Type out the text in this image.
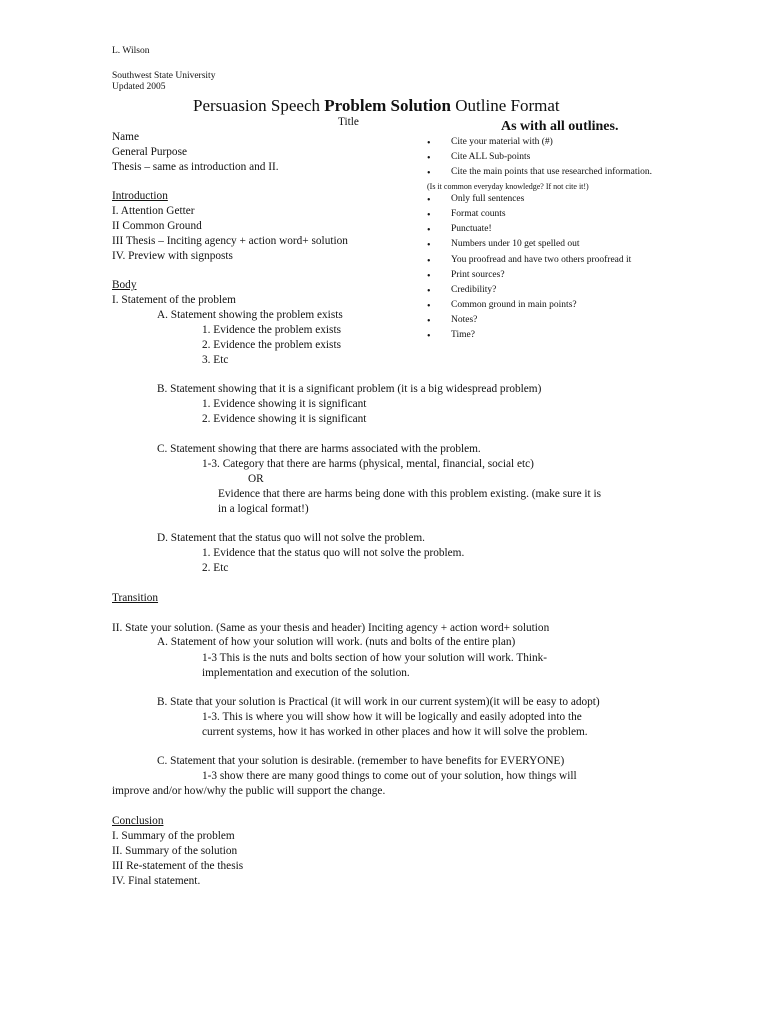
L. Wilson
Southwest State University
Updated 2005
Persuasion Speech Problem Solution Outline Format
Title
Name
General Purpose
Thesis – same as introduction and II.
As with all outlines.
• Cite your material with (#)
• Cite ALL Sub-points
• Cite the main points that use researched information.
(Is it common everyday knowledge? If not cite it!)
• Only full sentences
• Format counts
• Punctuate!
• Numbers under 10 get spelled out
• You proofread and have two others proofread it
• Print sources?
• Credibility?
• Common ground in main points?
• Notes?
• Time?
Introduction
I. Attention Getter
II Common Ground
III Thesis – Inciting agency + action word+ solution
IV. Preview with signposts
Body
I. Statement of the problem
A. Statement showing the problem exists
1. Evidence the problem exists
2. Evidence the problem exists
3. Etc
B. Statement showing that it is a significant problem (it is a big widespread problem)
1. Evidence showing it is significant
2. Evidence showing it is significant
C. Statement showing that there are harms associated with the problem.
1-3. Category that there are harms (physical, mental, financial, social etc)
OR
Evidence that there are harms being done with this problem existing. (make sure it is
in a logical format!)
D. Statement that the status quo will not solve the problem.
1. Evidence that the status quo will not solve the problem.
2. Etc
Transition
II. State your solution. (Same as your thesis and header) Inciting agency + action word+ solution
A. Statement of how your solution will work. (nuts and bolts of the entire plan)
1-3 This is the nuts and bolts section of how your solution will work. Think-
implementation and execution of the solution.
B. State that your solution is Practical (it will work in our current system)(it will be easy to adopt)
1-3. This is where you will show how it will be logically and easily adopted into the
current systems, how it has worked in other places and how it will solve the problem.
C. Statement that your solution is desirable. (remember to have benefits for EVERYONE)
1-3 show there are many good things to come out of your solution, how things will
improve and/or how/why the public will support the change.
Conclusion
I. Summary of the problem
II. Summary of the solution
III Re-statement of the thesis
IV. Final statement.
